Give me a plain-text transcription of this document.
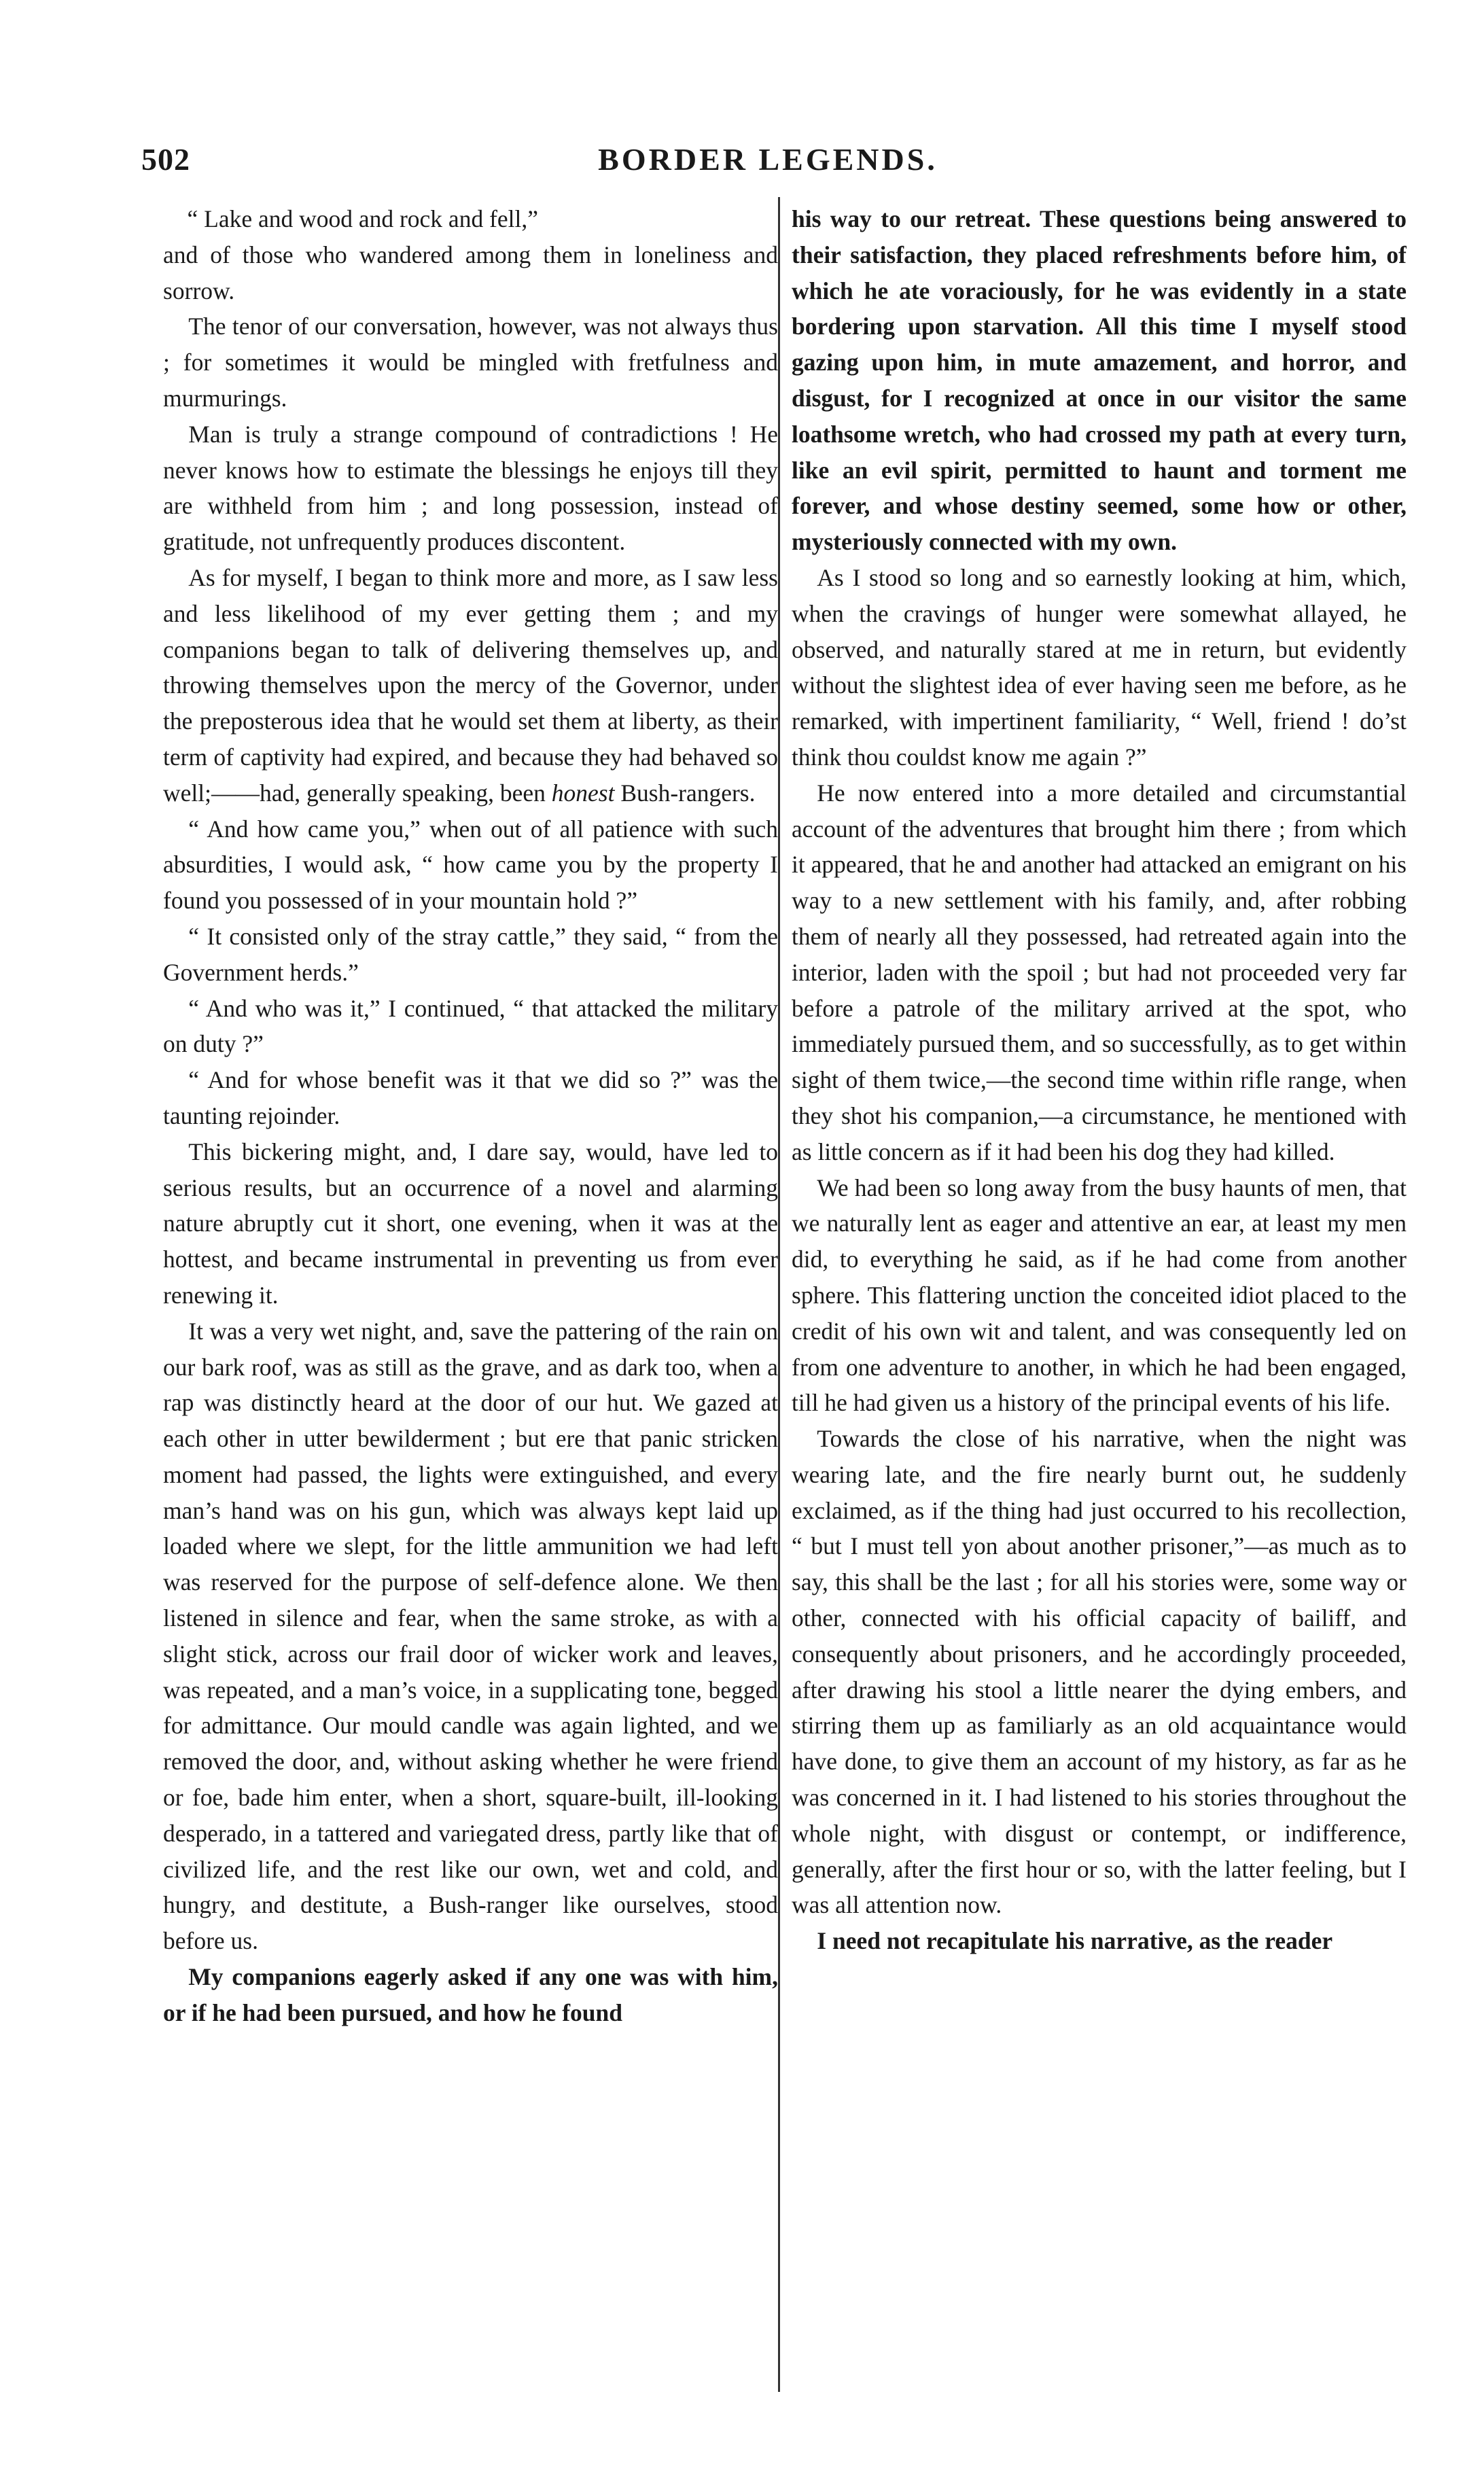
502	BORDER LEGENDS.

“ Lake and wood and rock and fell,”

and of those who wandered among them in loneliness and sorrow.

The tenor of our conversation, however, was not always thus ; for sometimes it would be mingled with fretfulness and murmurings.

Man is truly a strange compound of contradictions ! He never knows how to estimate the blessings he enjoys till they are withheld from him ; and long possession, instead of gratitude, not unfrequently produces discontent.

As for myself, I began to think more and more, as I saw less and less likelihood of my ever getting them ; and my companions began to talk of delivering themselves up, and throwing themselves upon the mercy of the Governor, under the preposterous idea that he would set them at liberty, as their term of captivity had expired, and because they had behaved so well;——had, generally speaking, been honest Bush-rangers.

“ And how came you,” when out of all patience with such absurdities, I would ask, “ how came you by the property I found you possessed of in your mountain hold ?”

“ It consisted only of the stray cattle,” they said, “ from the Government herds.”

“ And who was it,” I continued, “ that attacked the military on duty ?”

“ And for whose benefit was it that we did so ?” was the taunting rejoinder.

This bickering might, and, I dare say, would, have led to serious results, but an occurrence of a novel and alarming nature abruptly cut it short, one evening, when it was at the hottest, and became instrumental in preventing us from ever renewing it.

It was a very wet night, and, save the pattering of the rain on our bark roof, was as still as the grave, and as dark too, when a rap was distinctly heard at the door of our hut. We gazed at each other in utter bewilderment ; but ere that panic stricken moment had passed, the lights were extinguished, and every man’s hand was on his gun, which was always kept laid up loaded where we slept, for the little ammunition we had left was reserved for the purpose of self-defence alone. We then listened in silence and fear, when the same stroke, as with a slight stick, across our frail door of wicker work and leaves, was repeated, and a man’s voice, in a supplicating tone, begged for admittance. Our mould candle was again lighted, and we removed the door, and, without asking whether he were friend or foe, bade him enter, when a short, square-built, ill-looking desperado, in a tattered and variegated dress, partly like that of civilized life, and the rest like our own, wet and cold, and hungry, and destitute, a Bush-ranger like ourselves, stood before us.

My companions eagerly asked if any one was with him, or if he had been pursued, and how he found

his way to our retreat. These questions being answered to their satisfaction, they placed refreshments before him, of which he ate voraciously, for he was evidently in a state bordering upon starvation. All this time I myself stood gazing upon him, in mute amazement, and horror, and disgust, for I recognized at once in our visitor the same loathsome wretch, who had crossed my path at every turn, like an evil spirit, permitted to haunt and torment me forever, and whose destiny seemed, some how or other, mysteriously connected with my own.

As I stood so long and so earnestly looking at him, which, when the cravings of hunger were somewhat allayed, he observed, and naturally stared at me in return, but evidently without the slightest idea of ever having seen me before, as he remarked, with impertinent familiarity, “ Well, friend ! do’st think thou couldst know me again ?”

He now entered into a more detailed and circumstantial account of the adventures that brought him there ; from which it appeared, that he and another had attacked an emigrant on his way to a new settlement with his family, and, after robbing them of nearly all they possessed, had retreated again into the interior, laden with the spoil ; but had not proceeded very far before a patrole of the military arrived at the spot, who immediately pursued them, and so successfully, as to get within sight of them twice,—the second time within rifle range, when they shot his companion,—a circumstance, he mentioned with as little concern as if it had been his dog they had killed.

We had been so long away from the busy haunts of men, that we naturally lent as eager and attentive an ear, at least my men did, to everything he said, as if he had come from another sphere. This flattering unction the conceited idiot placed to the credit of his own wit and talent, and was consequently led on from one adventure to another, in which he had been engaged, till he had given us a history of the principal events of his life.

Towards the close of his narrative, when the night was wearing late, and the fire nearly burnt out, he suddenly exclaimed, as if the thing had just occurred to his recollection, “ but I must tell yon about another prisoner,”—as much as to say, this shall be the last ; for all his stories were, some way or other, connected with his official capacity of bailiff, and consequently about prisoners, and he accordingly proceeded, after drawing his stool a little nearer the dying embers, and stirring them up as familiarly as an old acquaintance would have done, to give them an account of my history, as far as he was concerned in it. I had listened to his stories throughout the whole night, with disgust or contempt, or indifference, generally, after the first hour or so, with the latter feeling, but I was all attention now.

I need not recapitulate his narrative, as the reader
